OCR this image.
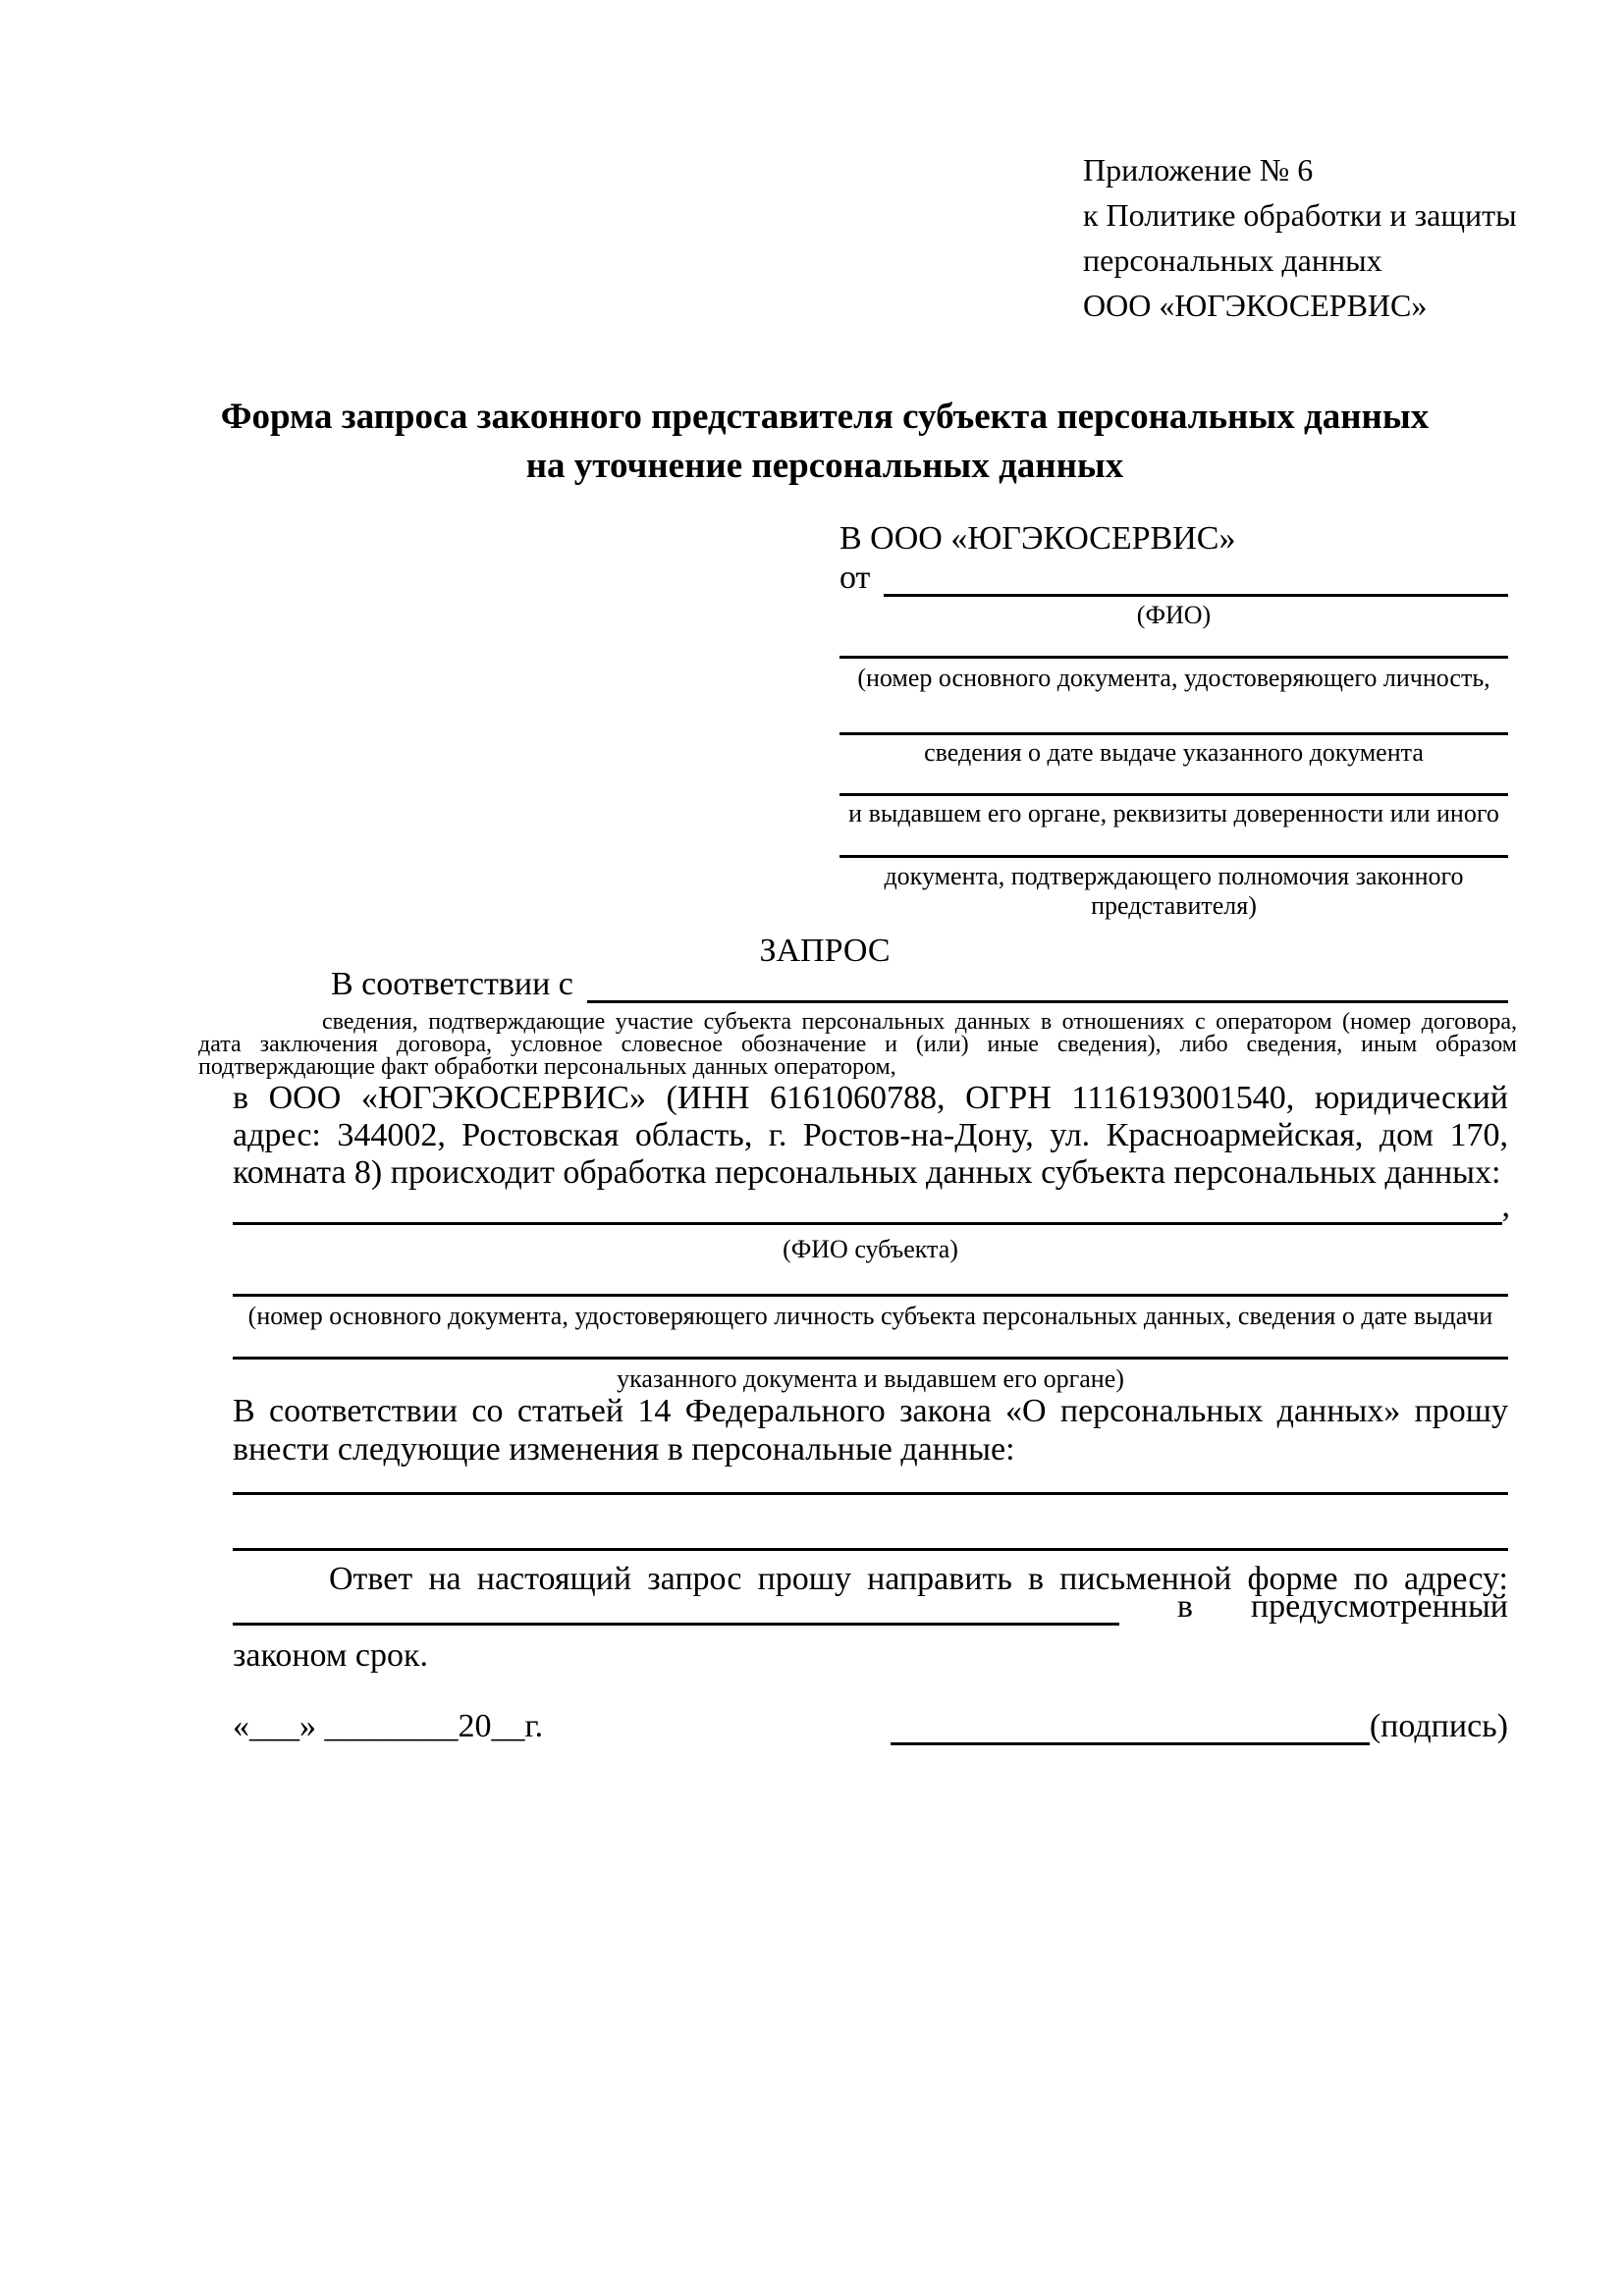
Приложение № 6
к Политике обработки и защиты
персональных данных
ООО «ЮГЭКОСЕРВИС»
Форма запроса законного представителя субъекта персональных данных на уточнение персональных данных
В ООО «ЮГЭКОСЕРВИС»
от
(ФИО)
(номер основного документа, удостоверяющего личность,
сведения о дате выдаче указанного документа
и выдавшем его органе, реквизиты доверенности или иного
документа, подтверждающего полномочия законного представителя)
ЗАПРОС
В соответствии с
сведения, подтверждающие участие субъекта персональных данных в отношениях с оператором (номер договора, дата заключения договора, условное словесное обозначение и (или) иные сведения), либо сведения, иным образом подтверждающие факт обработки персональных данных оператором,
в ООО «ЮГЭКОСЕРВИС» (ИНН 6161060788, ОГРН 1116193001540, юридический адрес: 344002, Ростовская область, г. Ростов-на-Дону, ул. Красноармейская, дом 170, комната 8) происходит обработка персональных данных субъекта персональных данных:
,
(ФИО субъекта)
(номер основного документа, удостоверяющего личность субъекта персональных данных, сведения о дате выдачи
указанного документа и выдавшем его органе)
В соответствии со статьей 14 Федерального закона «О персональных данных» прошу внести следующие изменения в персональные данные:
Ответ на настоящий запрос прошу направить в письменной форме по адресу:
в предусмотренный
законом срок.
«___» ________20__г.	(подпись)
